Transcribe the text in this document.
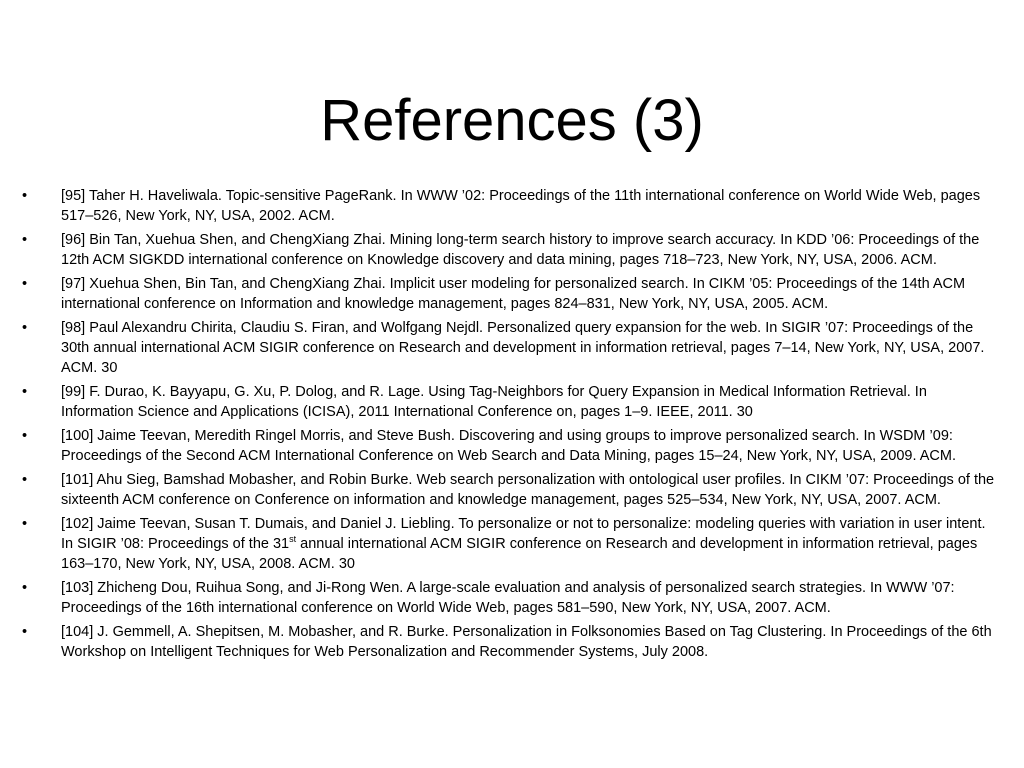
References (3)
•	[95] Taher H. Haveliwala. Topic-sensitive PageRank. In WWW ’02: Proceedings of the 11th international conference on World Wide Web, pages 517–526, New York, NY, USA, 2002. ACM.
•	[96] Bin Tan, Xuehua Shen, and ChengXiang Zhai. Mining long-term search history to improve search accuracy. In KDD ’06: Proceedings of the 12th ACM SIGKDD international conference on Knowledge discovery and data mining, pages 718–723, New York, NY, USA, 2006. ACM.
•	[97] Xuehua Shen, Bin Tan, and ChengXiang Zhai. Implicit user modeling for personalized search. In CIKM ’05: Proceedings of the 14th ACM international conference on Information and knowledge management, pages 824–831, New York, NY, USA, 2005. ACM.
•	[98] Paul Alexandru Chirita, Claudiu S. Firan, and Wolfgang Nejdl. Personalized query expansion for the web. In SIGIR ’07: Proceedings of the 30th annual international ACM SIGIR conference on Research and development in information retrieval, pages 7–14, New York, NY, USA, 2007. ACM. 30
•	[99] F. Durao, K. Bayyapu, G. Xu, P. Dolog, and R. Lage. Using Tag-Neighbors for Query Expansion in Medical Information Retrieval. In Information Science and Applications (ICISA), 2011 International Conference on, pages 1–9. IEEE, 2011. 30
•	[100] Jaime Teevan, Meredith Ringel Morris, and Steve Bush. Discovering and using groups to improve personalized search. In WSDM ’09: Proceedings of the Second ACM International Conference on Web Search and Data Mining, pages 15–24, New York, NY, USA, 2009. ACM.
•	[101] Ahu Sieg, Bamshad Mobasher, and Robin Burke. Web search personalization with ontological user profiles. In CIKM ’07: Proceedings of the sixteenth ACM conference on Conference on information and knowledge management, pages 525–534, New York, NY, USA, 2007. ACM.
•	[102] Jaime Teevan, Susan T. Dumais, and Daniel J. Liebling. To personalize or not to personalize: modeling queries with variation in user intent. In SIGIR ’08: Proceedings of the 31st annual international ACM SIGIR conference on Research and development in information retrieval, pages 163–170, New York, NY, USA, 2008. ACM. 30
•	[103] Zhicheng Dou, Ruihua Song, and Ji-Rong Wen. A large-scale evaluation and analysis of personalized search strategies. In WWW ’07: Proceedings of the 16th international conference on World Wide Web, pages 581–590, New York, NY, USA, 2007. ACM.
•	[104] J. Gemmell, A. Shepitsen, M. Mobasher, and R. Burke. Personalization in Folksonomies Based on Tag Clustering. In Proceedings of the 6th Workshop on Intelligent Techniques for Web Personalization and Recommender Systems, July 2008.
